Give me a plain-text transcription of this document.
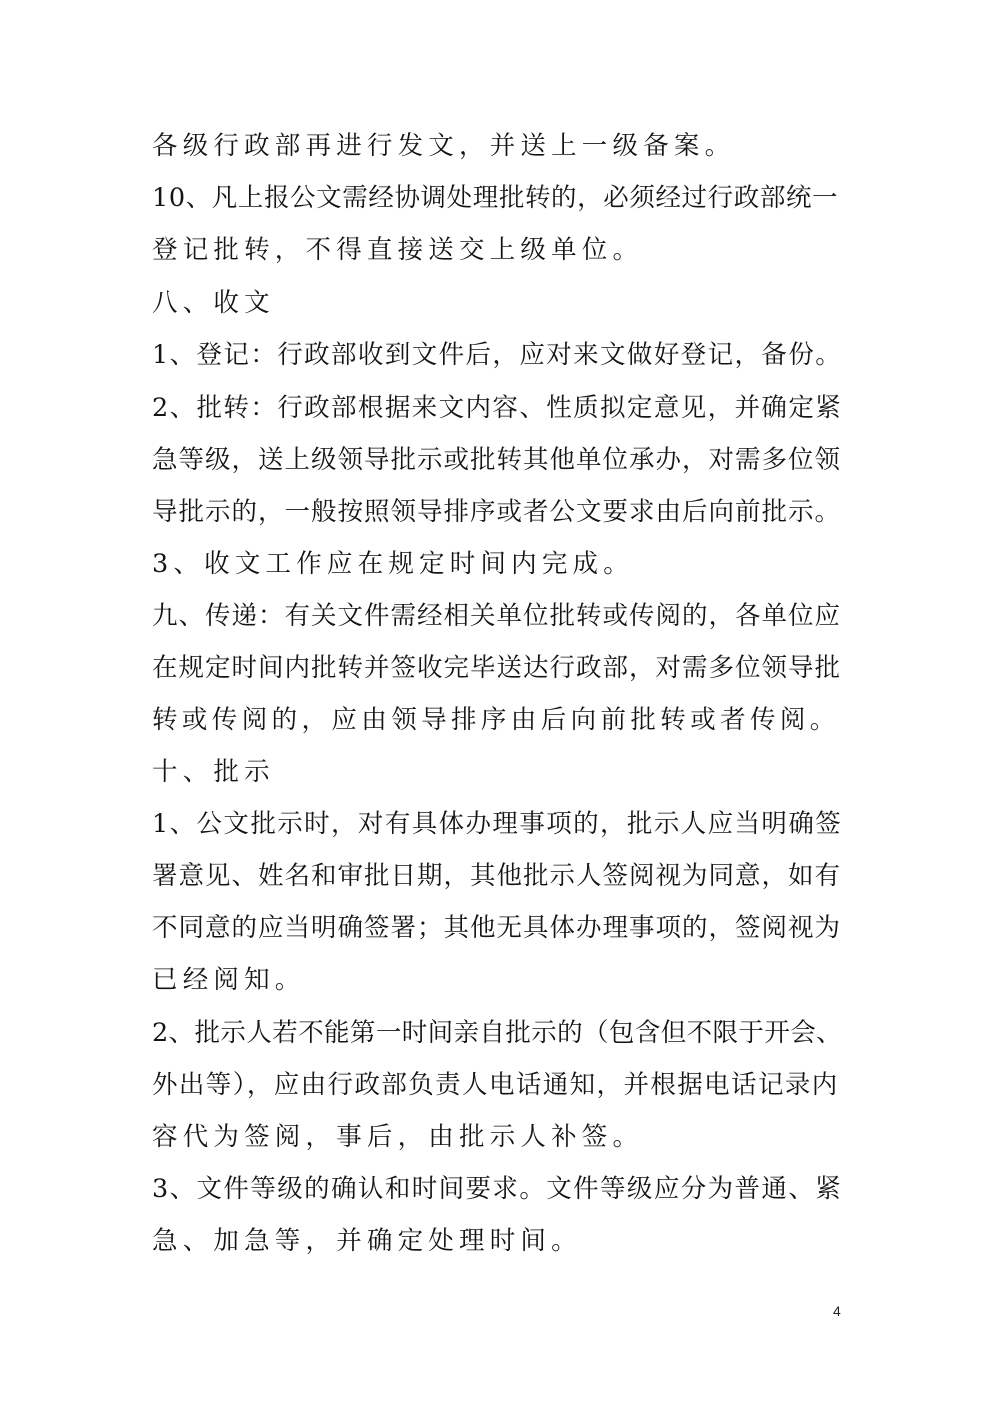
各级行政部再进行发文，并送上一级备案。
10、凡上报公文需经协调处理批转的，必须经过行政部统一
登记批转，不得直接送交上级单位。
八、收文
1、登记：行政部收到文件后，应对来文做好登记，备份。
2、批转：行政部根据来文内容、性质拟定意见，并确定紧
急等级，送上级领导批示或批转其他单位承办，对需多位领
导批示的，一般按照领导排序或者公文要求由后向前批示。
3、收文工作应在规定时间内完成。
九、传递：有关文件需经相关单位批转或传阅的，各单位应
在规定时间内批转并签收完毕送达行政部，对需多位领导批
转或传阅的，应由领导排序由后向前批转或者传阅。
十、批示
1、公文批示时，对有具体办理事项的，批示人应当明确签
署意见、姓名和审批日期，其他批示人签阅视为同意，如有
不同意的应当明确签署；其他无具体办理事项的，签阅视为
已经阅知。
2、批示人若不能第一时间亲自批示的（包含但不限于开会、
外出等），应由行政部负责人电话通知，并根据电话记录内
容代为签阅，事后，由批示人补签。
3、文件等级的确认和时间要求。文件等级应分为普通、紧
急、加急等，并确定处理时间。
4
